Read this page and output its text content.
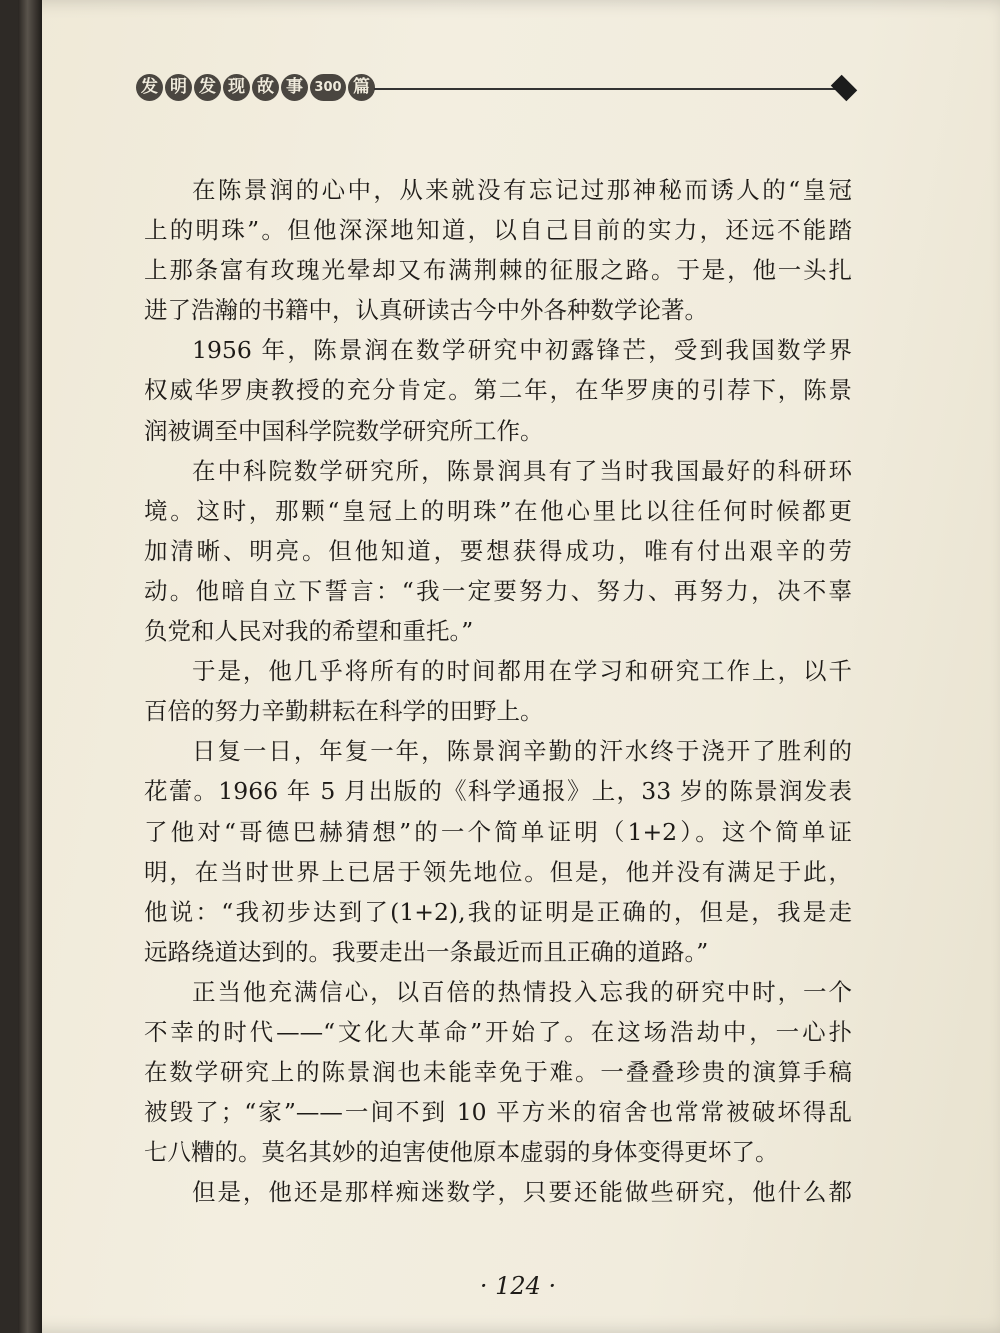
发 明 发 现 故 事 300 篇
在陈景润的心中，从来就没有忘记过那神秘而诱人的“皇冠
上的明珠”。但他深深地知道，以自己目前的实力，还远不能踏
上那条富有玫瑰光晕却又布满荆棘的征服之路。于是，他一头扎
进了浩瀚的书籍中，认真研读古今中外各种数学论著。
1956 年，陈景润在数学研究中初露锋芒，受到我国数学界
权威华罗庚教授的充分肯定。第二年，在华罗庚的引荐下，陈景
润被调至中国科学院数学研究所工作。
在中科院数学研究所，陈景润具有了当时我国最好的科研环
境。这时，那颗“皇冠上的明珠”在他心里比以往任何时候都更
加清晰、明亮。但他知道，要想获得成功，唯有付出艰辛的劳
动。他暗自立下誓言：“我一定要努力、努力、再努力，决不辜
负党和人民对我的希望和重托。”
于是，他几乎将所有的时间都用在学习和研究工作上，以千
百倍的努力辛勤耕耘在科学的田野上。
日复一日，年复一年，陈景润辛勤的汗水终于浇开了胜利的
花蕾。1966 年 5 月出版的《科学通报》上，33 岁的陈景润发表
了他对“哥德巴赫猜想”的一个简单证明（1+2）。这个简单证
明，在当时世界上已居于领先地位。但是，他并没有满足于此，
他说：“我初步达到了(1+2),我的证明是正确的，但是，我是走
远路绕道达到的。我要走出一条最近而且正确的道路。”
正当他充满信心，以百倍的热情投入忘我的研究中时，一个
不幸的时代——“文化大革命”开始了。在这场浩劫中，一心扑
在数学研究上的陈景润也未能幸免于难。一叠叠珍贵的演算手稿
被毁了；“家”——一间不到 10 平方米的宿舍也常常被破坏得乱
七八糟的。莫名其妙的迫害使他原本虚弱的身体变得更坏了。
但是，他还是那样痴迷数学，只要还能做些研究，他什么都
· 124 ·
